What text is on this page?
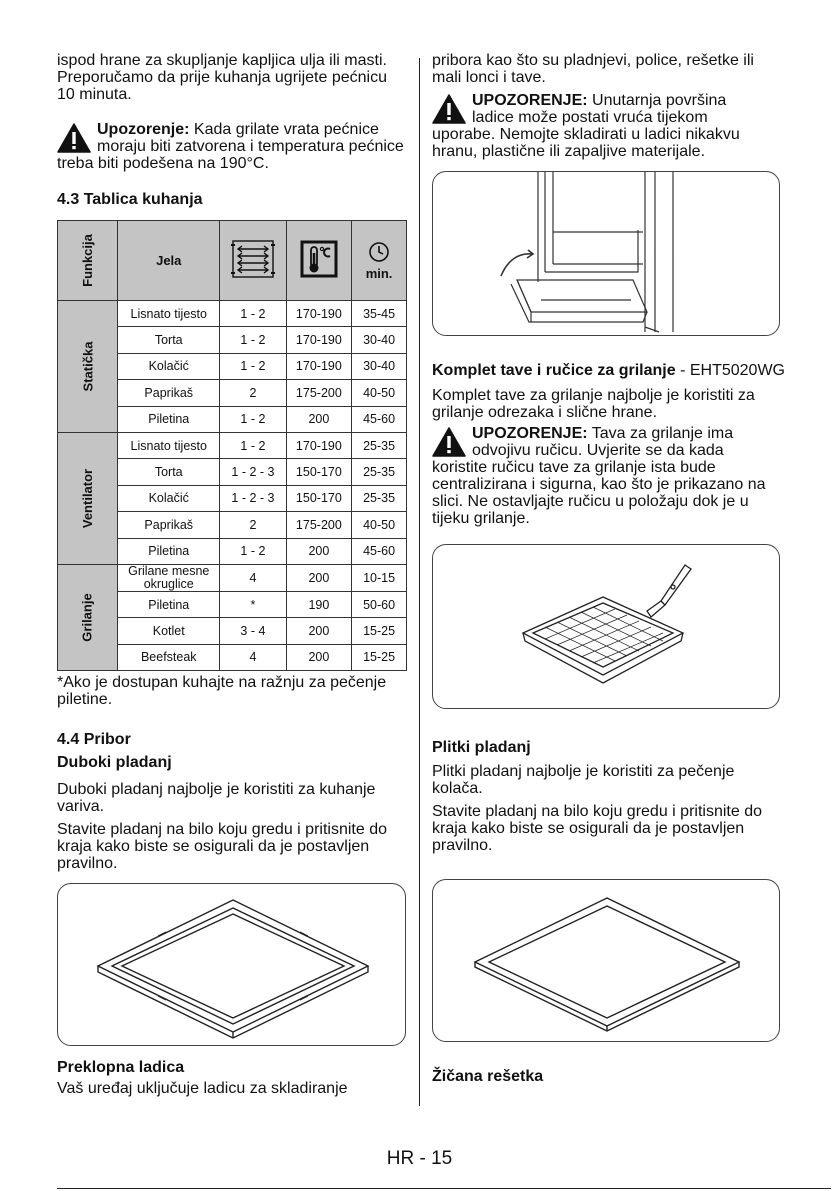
ispod hrane za skupljanje kapljica ulja ili masti. Preporučamo da prije kuhanja ugrijete pećnicu 10 minuta.

Upozorenje: Kada grilate vrata pećnice moraju biti zatvorena i temperatura pećnice treba biti podešena na 190°C.
4.3 Tablica kuhanja
Funkcija	Jela			min.
Statička	Lisnato tijesto	1 - 2	170-190	35-45
	Torta	1 - 2	170-190	30-40
	Kolačić	1 - 2	170-190	30-40
	Paprikaš	2	175-200	40-50
	Piletina	1 - 2	200	45-60
Ventilator	Lisnato tijesto	1 - 2	170-190	25-35
	Torta	1 - 2 - 3	150-170	25-35
	Kolačić	1 - 2 - 3	150-170	25-35
	Paprikaš	2	175-200	40-50
	Piletina	1 - 2	200	45-60
Grilanje	Grilane mesne okruglice	4	200	10-15
	Piletina	*	190	50-60
	Kotlet	3 - 4	200	15-25
	Beefsteak	4	200	15-25

*Ako je dostupan kuhajte na ražnju za pečenje piletine.

4.4 Pribor
Duboki pladanj

Duboki pladanj najbolje je koristiti za kuhanje variva.

Stavite pladanj na bilo koju gredu i pritisnite do kraja kako biste se osigurali da je postavljen pravilno.

Preklopna ladica

Vaš uređaj uključuje ladicu za skladiranje

pribora kao što su pladnjevi, police, rešetke ili mali lonci i tave.

UPOZORENJE: Unutarnja površina ladice može postati vruća tijekom uporabe. Nemojte skladirati u ladici nikakvu hranu, plastične ili zapaljive materijale.

Komplet tave i ručice za grilanje - EHT5020WG

Komplet tave za grilanje najbolje je koristiti za grilanje odrezaka i slične hrane.

UPOZORENJE: Tava za grilanje ima odvojivu ručicu. Uvjerite se da kada koristite ručicu tave za grilanje ista bude centralizirana i sigurna, kao što je prikazano na slici. Ne ostavljajte ručicu u položaju dok je u tijeku grilanje.
Plitki pladanj

Plitki pladanj najbolje je koristiti za pečenje kolača.

Stavite pladanj na bilo koju gredu i pritisnite do kraja kako biste se osigurali da je postavljen pravilno.

Žičana rešetka
HR - 15
